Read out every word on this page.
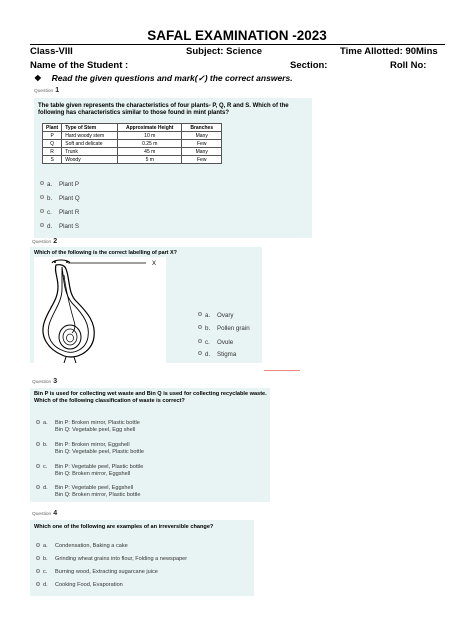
SAFAL EXAMINATION -2023
Class-VIII	Subject: Science	Time Allotted: 90Mins
Name of the Student :	Section:	Roll No:
❖ Read the given questions and mark(✓) the correct answers.
Question 1
The table given represents the characteristics of four plants- P, Q, R and S. Which of the following has characteristics similar to those found in mint plants?
Plant	Type of Stem	Approximate Height	Branches
P	Hard woody stem	10 m	Many
Q	Soft and delicate	0.25 m	Few
R	Trunk	45 m	Many
S	Woody	5 m	Few
a. Plant P
b. Plant Q
c. Plant R
d. Plant S
Question 2
Which of the following is the correct labelling of part X?
X
a. Ovary
b. Pollen grain
c. Ovule
d. Stigma
Question 3
Bin P is used for collecting wet waste and Bin Q is used for collecting recyclable waste. Which of the following classification of waste is correct?
a. Bin P: Broken mirror, Plastic bottle
Bin Q: Vegetable peel, Egg shell
b. Bin P: Broken mirror, Eggshell
Bin Q: Vegetable peel, Plastic bottle
c. Bin P: Vegetable peel, Plastic bottle
Bin Q: Broken mirror, Eggshell
d. Bin P: Vegetable peel, Eggshell
Bin Q: Broken mirror, Plastic bottle
Question 4
Which one of the following are examples of an irreversible change?
a. Condensation, Baking a cake
b. Grinding wheat grains into flour, Folding a newspaper
c. Burning wood, Extracting sugarcane juice
d. Cooking Food, Evaporation
